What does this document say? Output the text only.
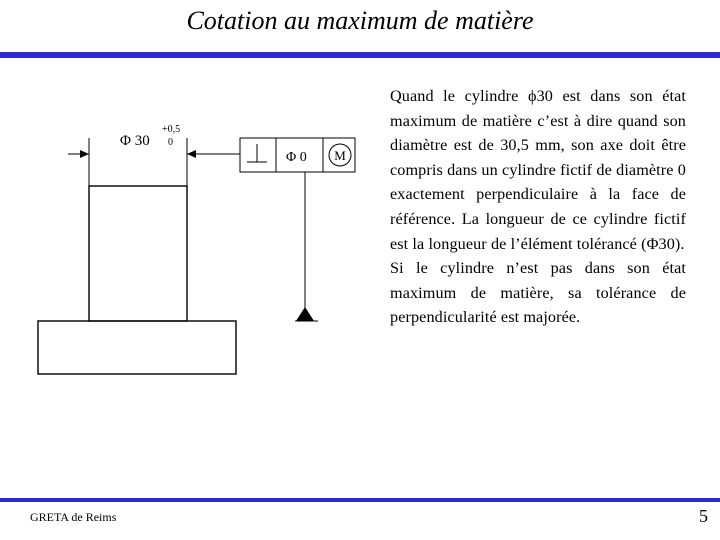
Cotation au maximum de matière
Φ 30
+0,5
0
Φ 0 M

Quand le cylindre ϕ30 est dans son état maximum de matière c’est à dire quand son diamètre est de 30,5 mm, son axe doit être compris dans un cylindre fictif de diamètre 0 exactement perpendiculaire à la face de référence. La longueur de ce cylindre fictif est la longueur de l’élément tolérancé (Φ30).

Si le cylindre n’est pas dans son état maximum de matière, sa tolérance de perpendicularité est majorée.

GRETA de Reims	5
